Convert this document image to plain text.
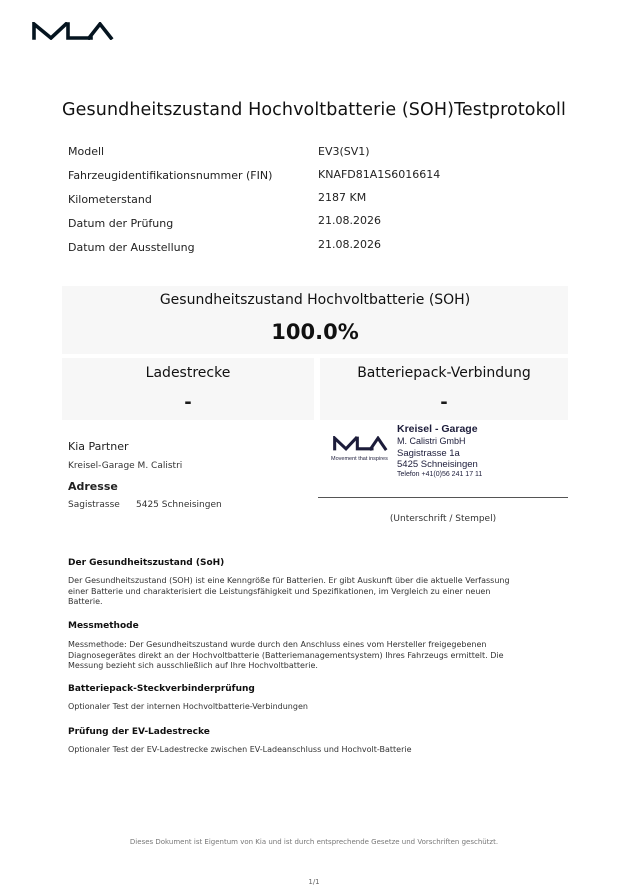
Gesundheitszustand Hochvoltbatterie (SOH)Testprotokoll
Modell	EV3(SV1)
Fahrzeugidentifikationsnummer (FIN)	KNAFD81A1S6016614
Kilometerstand	2187 KM
Datum der Prüfung	21.08.2026
Datum der Ausstellung	21.08.2026
Gesundheitszustand Hochvoltbatterie (SOH)
100.0%
Ladestrecke
-
Batteriepack-Verbindung
-
Kia Partner
Kreisel-Garage M. Calistri
Adresse
Sagistrasse 5425 Schneisingen
Movement that inspires
Kreisel - Garage
M. Calistri GmbH
Sagistrasse 1a
5425 Schneisingen
Telefon +41(0)56 241 17 11
(Unterschrift / Stempel)
Der Gesundheitszustand (SoH)
Der Gesundheitszustand (SOH) ist eine Kenngröße für Batterien. Er gibt Auskunft über die aktuelle Verfassung
einer Batterie und charakterisiert die Leistungsfähigkeit und Spezifikationen, im Vergleich zu einer neuen
Batterie.
Messmethode
Messmethode: Der Gesundheitszustand wurde durch den Anschluss eines vom Hersteller freigegebenen
Diagnosegerätes direkt an der Hochvoltbatterie (Batteriemanagementsystem) Ihres Fahrzeugs ermittelt. Die
Messung bezieht sich ausschließlich auf Ihre Hochvoltbatterie.
Batteriepack-Steckverbinderprüfung
Optionaler Test der internen Hochvoltbatterie-Verbindungen
Prüfung der EV-Ladestrecke
Optionaler Test der EV-Ladestrecke zwischen EV-Ladeanschluss und Hochvolt-Batterie
Dieses Dokument ist Eigentum von Kia und ist durch entsprechende Gesetze und Vorschriften geschützt.
1/1
